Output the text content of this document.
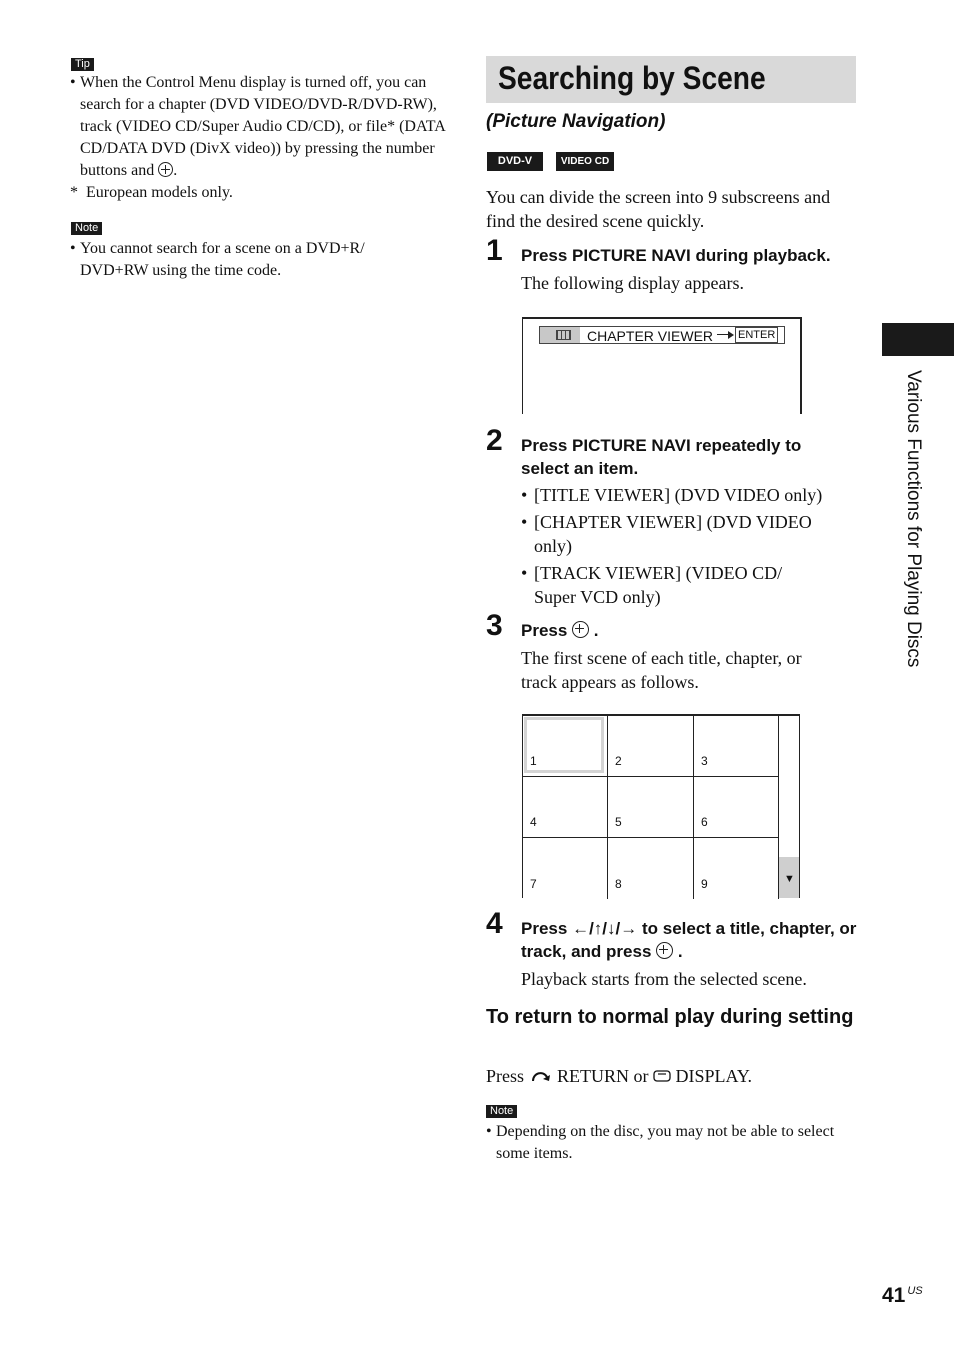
Tip
• When the Control Menu display is turned off, you can search for a chapter (DVD VIDEO/DVD-R/DVD-RW), track (VIDEO CD/Super Audio CD/CD), or file* (DATA CD/DATA DVD (DivX video)) by pressing the number buttons and .
* European models only.
Note
• You cannot search for a scene on a DVD+R/ DVD+RW using the time code.
Searching by Scene
(Picture Navigation)
DVD-V	VIDEO CD
You can divide the screen into 9 subscreens and find the desired scene quickly.
1 Press PICTURE NAVI during playback.
The following display appears.
CHAPTER VIEWER ENTER
2 Press PICTURE NAVI repeatedly to select an item.
• [TITLE VIEWER] (DVD VIDEO only)
• [CHAPTER VIEWER] (DVD VIDEO only)
• [TRACK VIEWER] (VIDEO CD/ Super VCD only)
3 Press .
The first scene of each title, chapter, or track appears as follows.
1	2	3
4	5	6
7	8	9	▼
4 Press ←/↑/↓/→ to select a title, chapter, or track, and press .
Playback starts from the selected scene.
To return to normal play during setting
Press RETURN or DISPLAY.
Note
• Depending on the disc, you may not be able to select some items.
Various Functions for Playing Discs
41 $^{US}$
